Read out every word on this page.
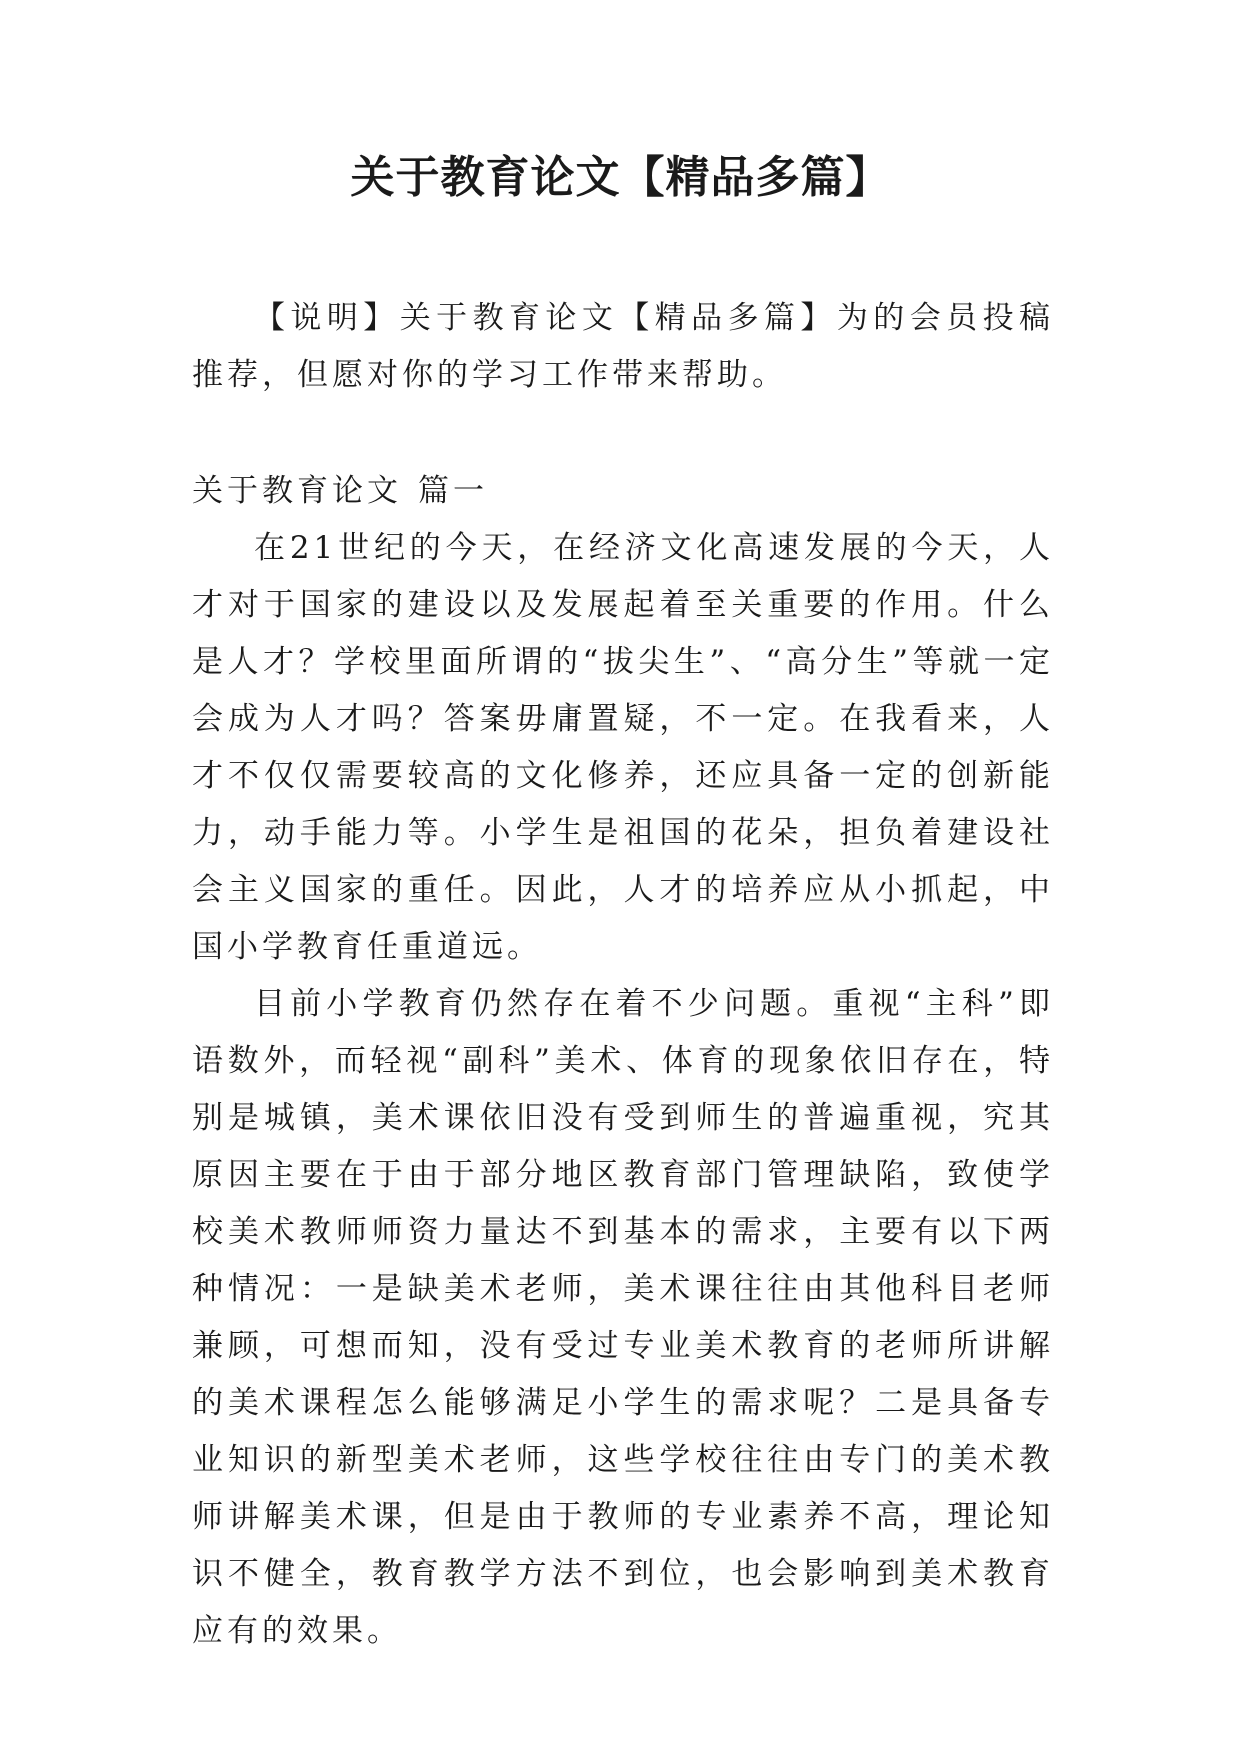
关于教育论文【精品多篇】

【说明】关于教育论文【精品多篇】为的会员投稿推荐，但愿对你的学习工作带来帮助。

关于教育论文 篇一

在21世纪的今天，在经济文化高速发展的今天，人才对于国家的建设以及发展起着至关重要的作用。什么是人才？学校里面所谓的“拔尖生”、“高分生”等就一定会成为人才吗？答案毋庸置疑，不一定。在我看来，人才不仅仅需要较高的文化修养，还应具备一定的创新能力，动手能力等。小学生是祖国的花朵，担负着建设社会主义国家的重任。因此，人才的培养应从小抓起，中国小学教育任重道远。

目前小学教育仍然存在着不少问题。重视“主科”即语数外，而轻视“副科”美术、体育的现象依旧存在，特别是城镇，美术课依旧没有受到师生的普遍重视，究其原因主要在于由于部分地区教育部门管理缺陷，致使学校美术教师师资力量达不到基本的需求，主要有以下两种情况：一是缺美术老师，美术课往往由其他科目老师兼顾，可想而知，没有受过专业美术教育的老师所讲解的美术课程怎么能够满足小学生的需求呢？二是具备专业知识的新型美术老师，这些学校往往由专门的美术教师讲解美术课，但是由于教师的专业素养不高，理论知识不健全，教育教学方法不到位，也会影响到美术教育应有的效果。
